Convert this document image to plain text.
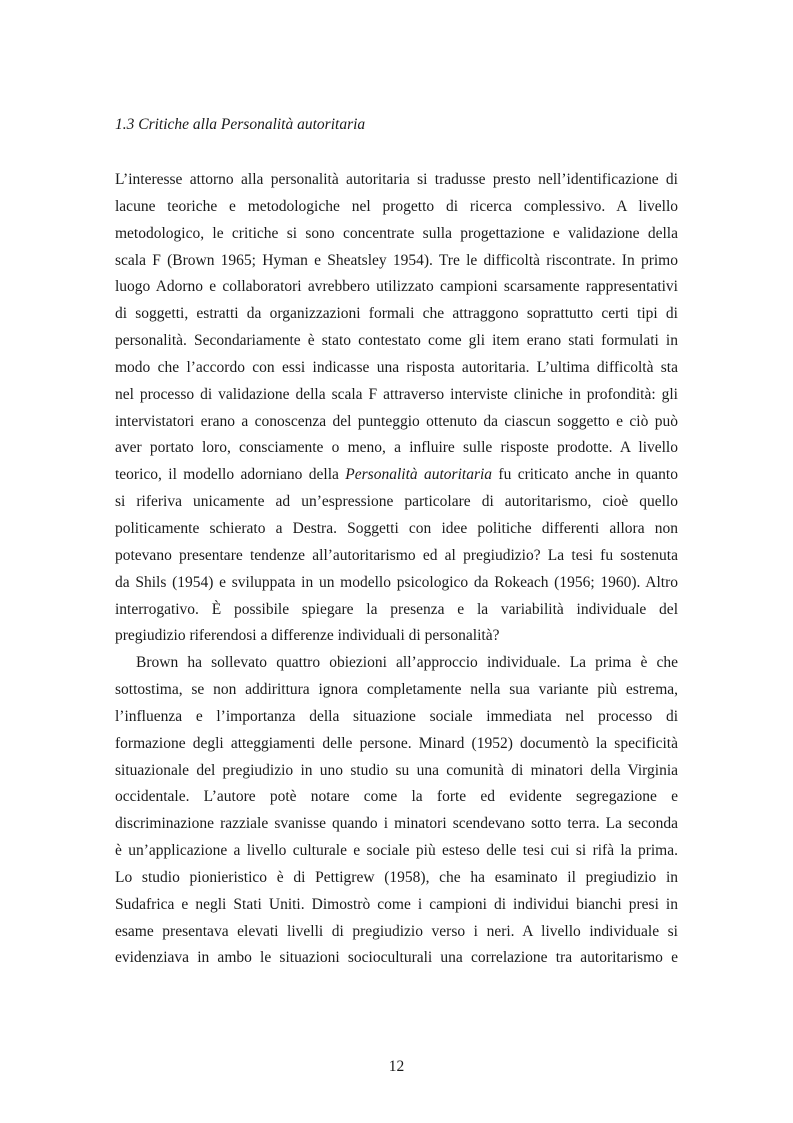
1.3 Critiche alla Personalità autoritaria
L’interesse attorno alla personalità autoritaria si tradusse presto nell’identificazione di
lacune teoriche e metodologiche nel progetto di ricerca complessivo. A livello
metodologico, le critiche si sono concentrate sulla progettazione e validazione della
scala F (Brown 1965; Hyman e Sheatsley 1954). Tre le difficoltà riscontrate. In primo
luogo Adorno e collaboratori avrebbero utilizzato campioni scarsamente rappresentativi
di soggetti, estratti da organizzazioni formali che attraggono soprattutto certi tipi di
personalità. Secondariamente è stato contestato come gli item erano stati formulati in
modo che l’accordo con essi indicasse una risposta autoritaria. L’ultima difficoltà sta
nel processo di validazione della scala F attraverso interviste cliniche in profondità: gli
intervistatori erano a conoscenza del punteggio ottenuto da ciascun soggetto e ciò può
aver portato loro, consciamente o meno, a influire sulle risposte prodotte. A livello
teorico, il modello adorniano della Personalità autoritaria fu criticato anche in quanto
si riferiva unicamente ad un’espressione particolare di autoritarismo, cioè quello
politicamente schierato a Destra. Soggetti con idee politiche differenti allora non
potevano presentare tendenze all’autoritarismo ed al pregiudizio? La tesi fu sostenuta
da Shils (1954) e sviluppata in un modello psicologico da Rokeach (1956; 1960). Altro
interrogativo. È possibile spiegare la presenza e la variabilità individuale del
pregiudizio riferendosi a differenze individuali di personalità?
Brown ha sollevato quattro obiezioni all’approccio individuale. La prima è che
sottostima, se non addirittura ignora completamente nella sua variante più estrema,
l’influenza e l’importanza della situazione sociale immediata nel processo di
formazione degli atteggiamenti delle persone. Minard (1952) documentò la specificità
situazionale del pregiudizio in uno studio su una comunità di minatori della Virginia
occidentale. L’autore potè notare come la forte ed evidente segregazione e
discriminazione razziale svanisse quando i minatori scendevano sotto terra. La seconda
è un’applicazione a livello culturale e sociale più esteso delle tesi cui si rifà la prima.
Lo studio pionieristico è di Pettigrew (1958), che ha esaminato il pregiudizio in
Sudafrica e negli Stati Uniti. Dimostrò come i campioni di individui bianchi presi in
esame presentava elevati livelli di pregiudizio verso i neri. A livello individuale si
evidenziava in ambo le situazioni socioculturali una correlazione tra autoritarismo e
12
